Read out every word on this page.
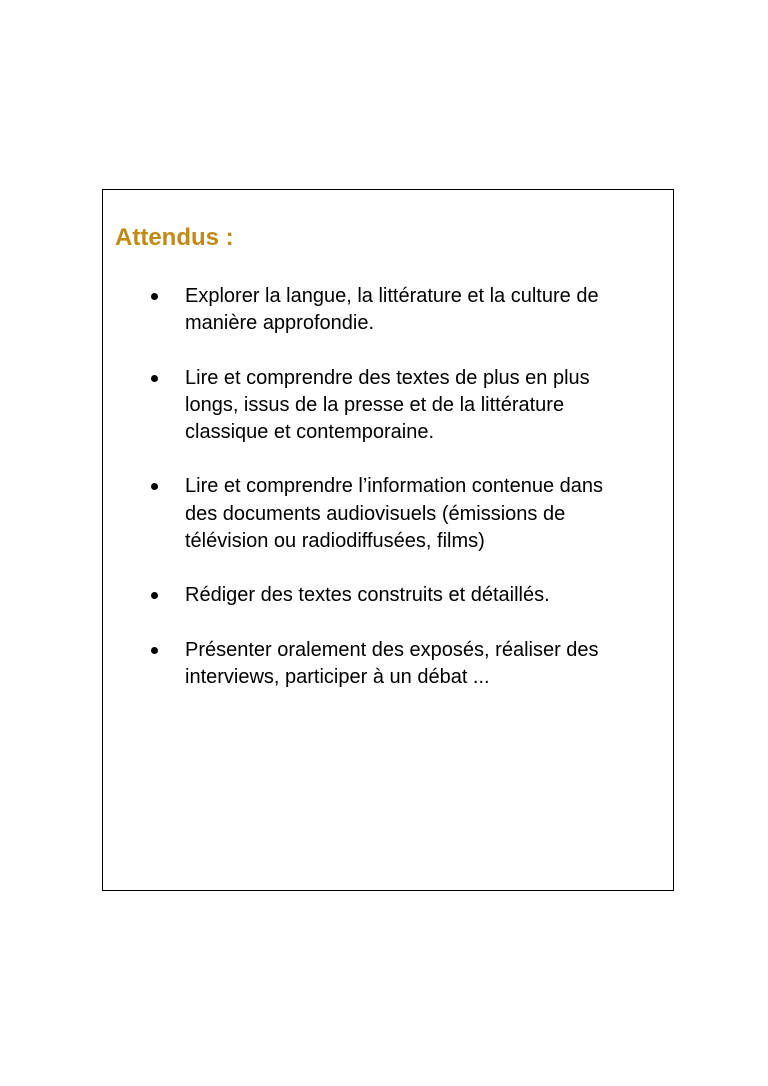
Attendus :
Explorer la langue, la littérature et la culture de manière approfondie.
Lire et comprendre des textes de plus en plus longs, issus de la presse et de la littérature classique et contemporaine.
Lire et comprendre l’information contenue dans des documents audiovisuels (émissions de télévision ou radiodiffusées, films)
Rédiger des textes construits et détaillés.
Présenter oralement des exposés, réaliser des interviews, participer à un débat ...
